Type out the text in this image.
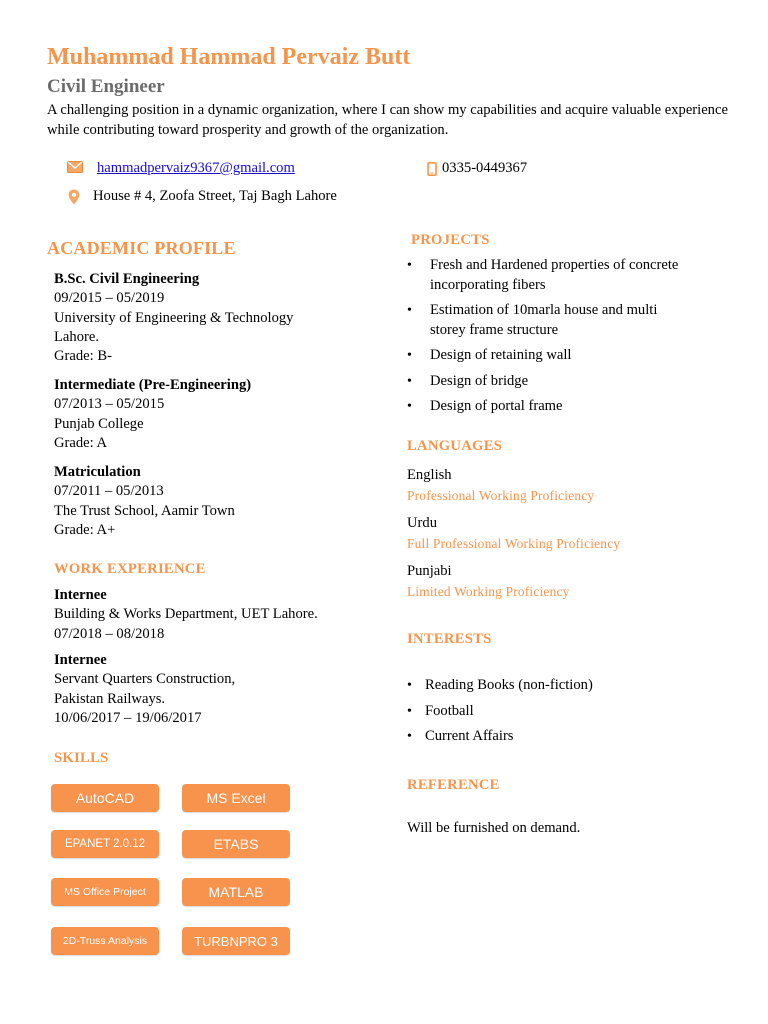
Muhammad Hammad Pervaiz Butt
Civil Engineer
A challenging position in a dynamic organization, where I can show my capabilities and acquire valuable experience while contributing toward prosperity and growth of the organization.
hammadpervaiz9367@gmail.com	0335-0449367
House # 4, Zoofa Street, Taj Bagh Lahore
ACADEMIC PROFILE
B.Sc. Civil Engineering
09/2015 – 05/2019
University of Engineering & Technology
Lahore.
Grade: B-
Intermediate (Pre-Engineering)
07/2013 – 05/2015
Punjab College
Grade: A
Matriculation
07/2011 – 05/2013
The Trust School, Aamir Town
Grade: A+
WORK EXPERIENCE
Internee
Building & Works Department, UET Lahore.
07/2018 – 08/2018
Internee
Servant Quarters Construction,
Pakistan Railways.
10/06/2017 – 19/06/2017
SKILLS
AutoCAD	MS Excel
EPANET 2.0.12	ETABS
MS Office Project	MATLAB
2D-Truss Analysis	TURBNPRO 3
PROJECTS
• Fresh and Hardened properties of concrete incorporating fibers
• Estimation of 10marla house and multi storey frame structure
• Design of retaining wall
• Design of bridge
• Design of portal frame
LANGUAGES
English
Professional Working Proficiency
Urdu
Full Professional Working Proficiency
Punjabi
Limited Working Proficiency
INTERESTS
• Reading Books (non-fiction)
• Football
• Current Affairs
REFERENCE
Will be furnished on demand.
